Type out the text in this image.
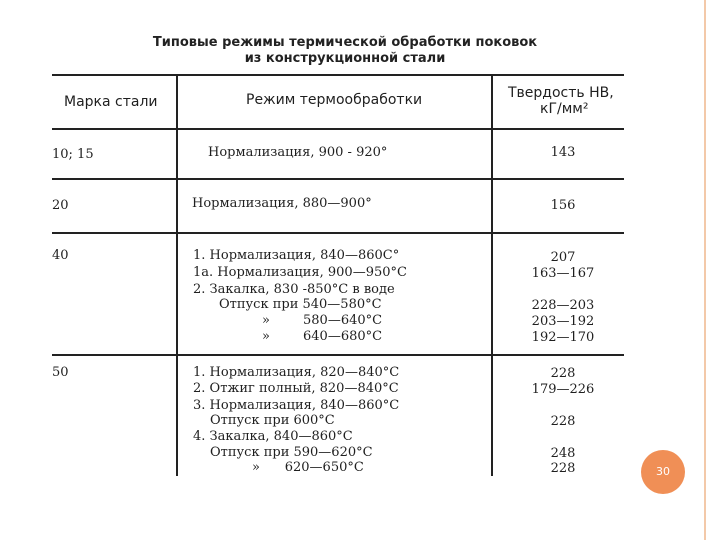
Типовые режимы термической обработки поковок
из конструкционной стали
Марка стали	Режим термообработки	Твердость НВ,
кГ/мм²
10; 15	Нормализация, 900 - 920°	143
20	Нормализация, 880—900°	156
40	1. Нормализация, 840—860С°	207
1а. Нормализация, 900—950°С	163—167
2. Закалка, 830 -850°С в воде
Отпуск при 540—580°С	228—203
»        580—640°С	203—192
»        640—680°С	192—170
50	1. Нормализация, 820—840°С	228
2. Отжиг полный, 820—840°С	179—226
3. Нормализация, 840—860°С
Отпуск при 600°С	228
4. Закалка, 840—860°С
Отпуск при 590—620°С	248
»      620—650°С	228	30
